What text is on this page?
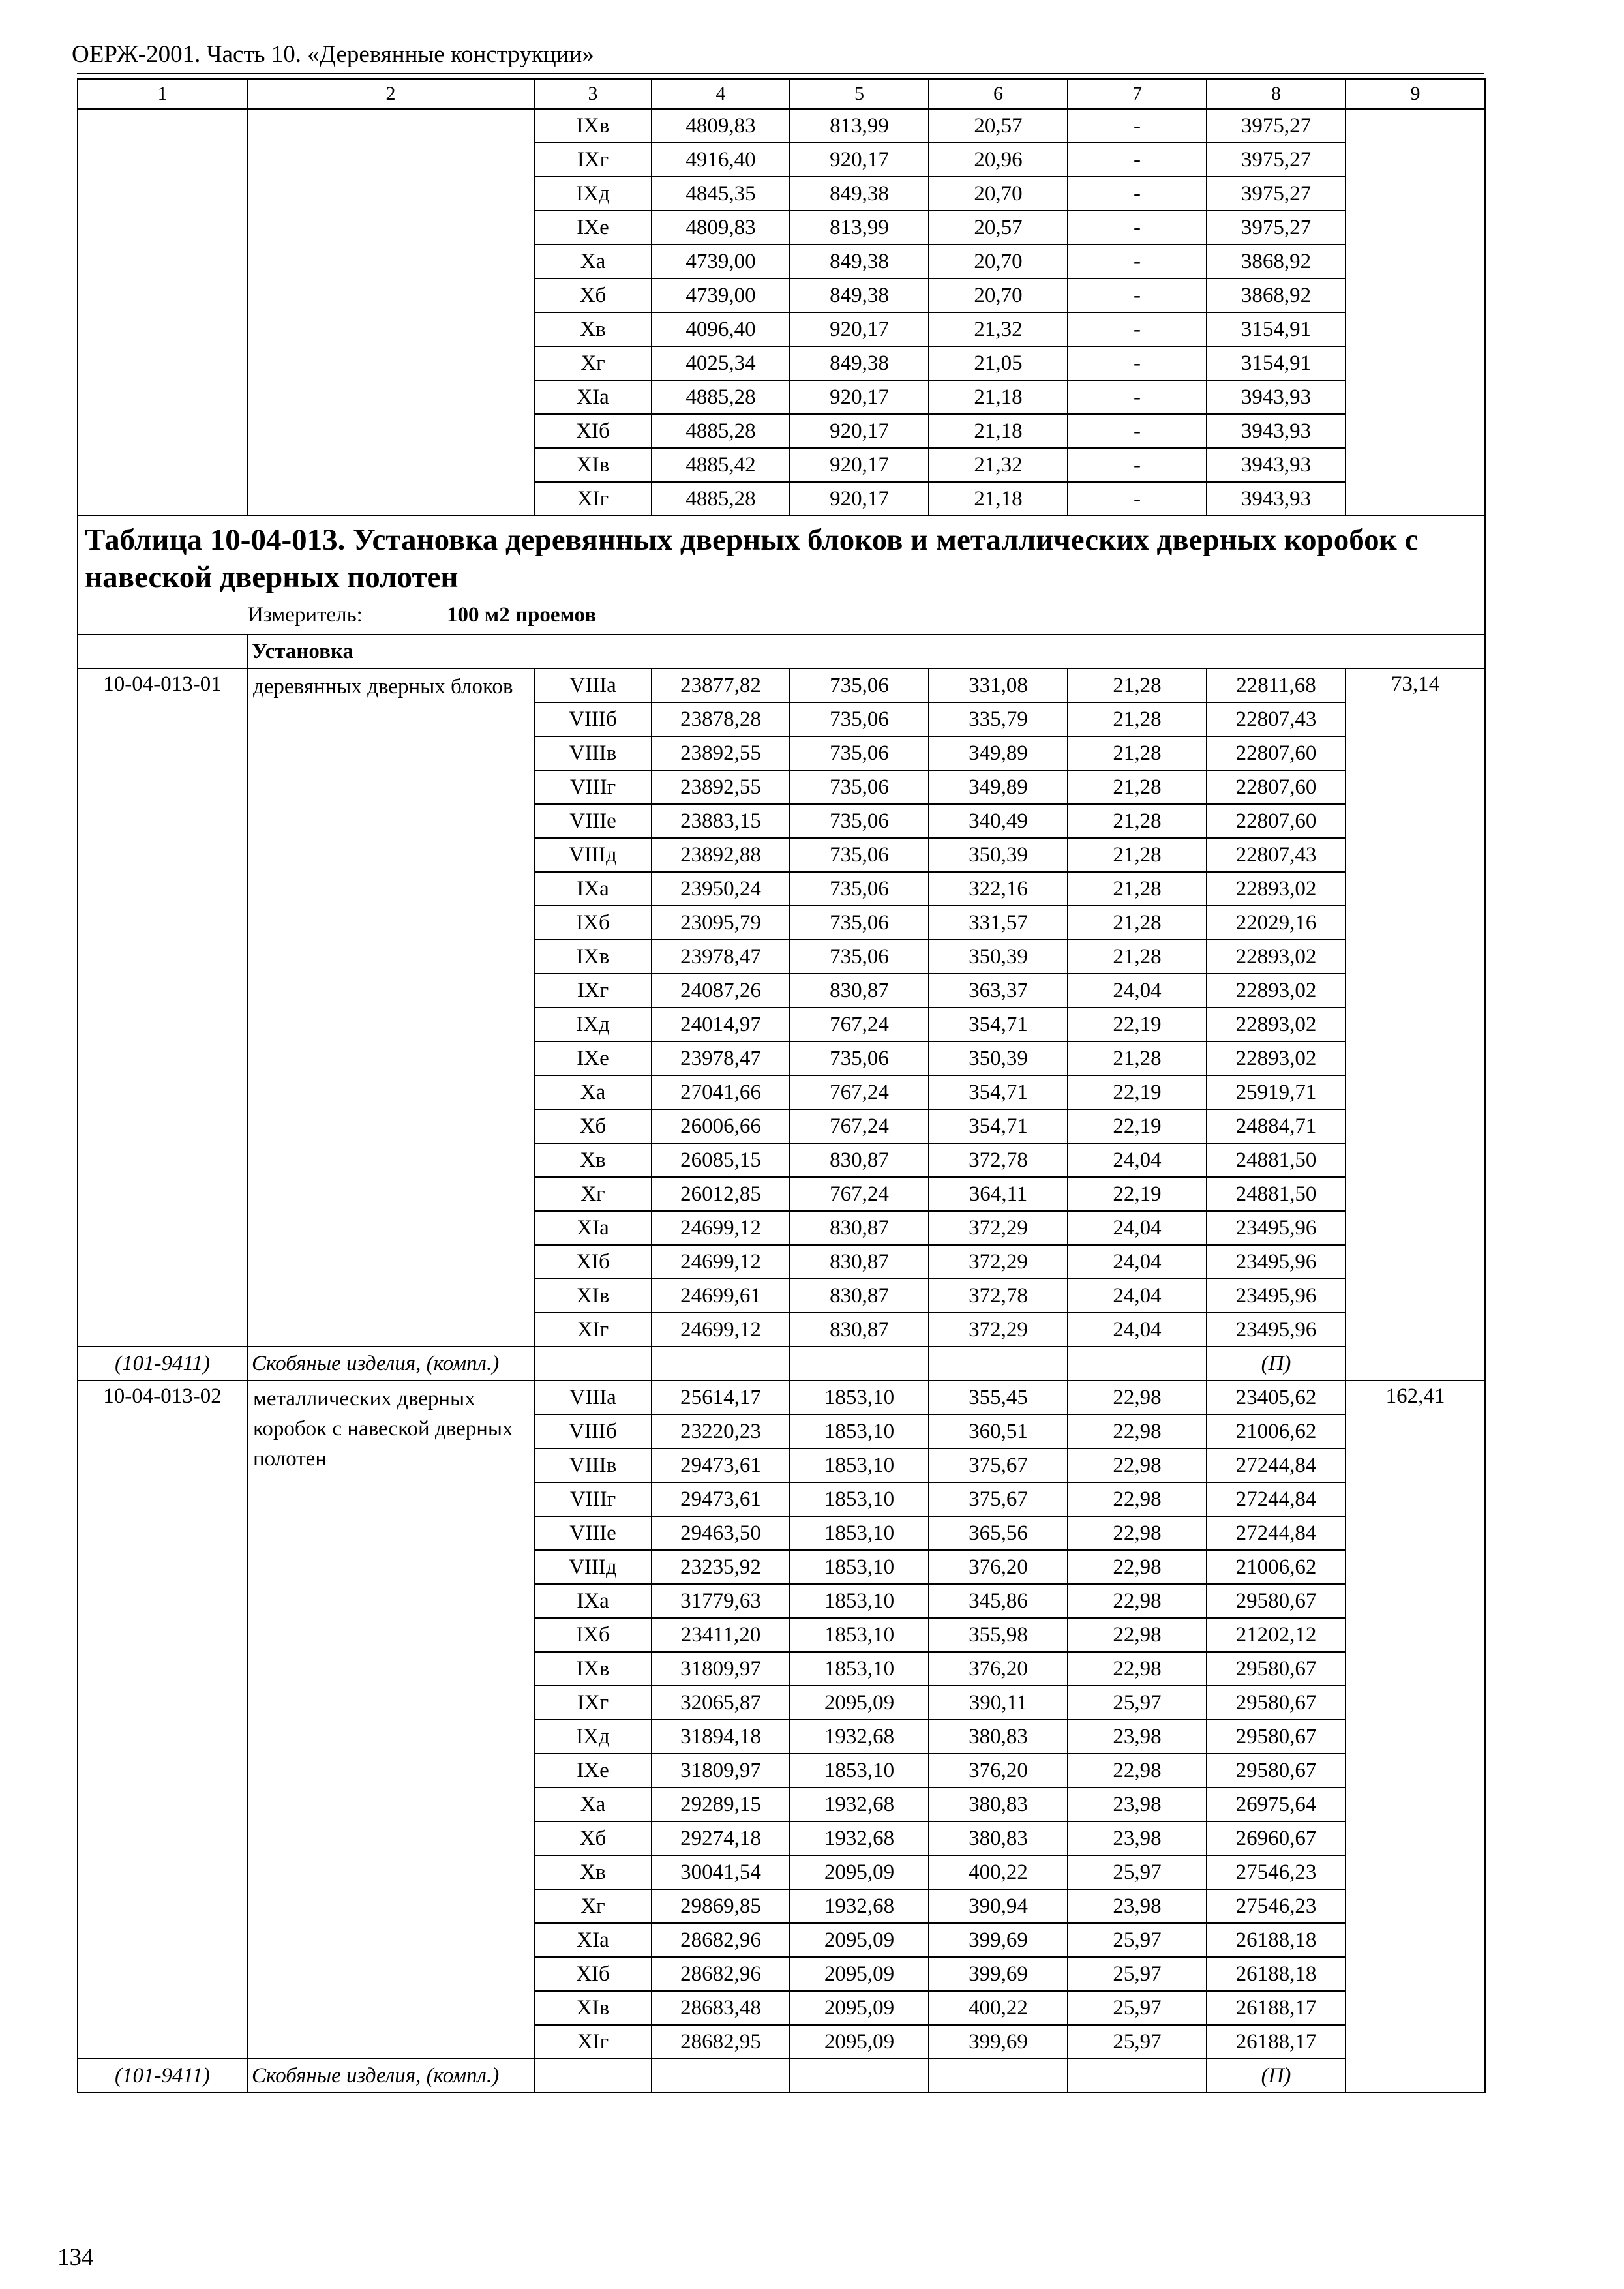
ОЕРЖ-2001. Часть 10. «Деревянные конструкции»
1	2	3	4	5	6	7	8	9
		IXв	4809,83	813,99	20,57	-	3975,27	
		IXг	4916,40	920,17	20,96	-	3975,27	
		IXд	4845,35	849,38	20,70	-	3975,27	
		IXе	4809,83	813,99	20,57	-	3975,27	
		Xа	4739,00	849,38	20,70	-	3868,92	
		Xб	4739,00	849,38	20,70	-	3868,92	
		Xв	4096,40	920,17	21,32	-	3154,91	
		Xг	4025,34	849,38	21,05	-	3154,91	
		XIа	4885,28	920,17	21,18	-	3943,93	
		XIб	4885,28	920,17	21,18	-	3943,93	
		XIв	4885,42	920,17	21,32	-	3943,93	
		XIг	4885,28	920,17	21,18	-	3943,93	

Таблица 10-04-013. Установка деревянных дверных блоков и металлических дверных коробок с навеской дверных полотен
Измеритель: 100 м2 проемов								

	Установка							

10-04-013-01	деревянных дверных блоков	VIIIа	23877,82	735,06	331,08	21,28	22811,68	73,14

		VIIIб	23878,28	735,06	335,79	21,28	22807,43	
		VIIIв	23892,55	735,06	349,89	21,28	22807,60	
		VIIIг	23892,55	735,06	349,89	21,28	22807,60	
		VIIIе	23883,15	735,06	340,49	21,28	22807,60	
		VIIIд	23892,88	735,06	350,39	21,28	22807,43	
		IXа	23950,24	735,06	322,16	21,28	22893,02	
		IXб	23095,79	735,06	331,57	21,28	22029,16	
		IXв	23978,47	735,06	350,39	21,28	22893,02	
		IXг	24087,26	830,87	363,37	24,04	22893,02	
		IXд	24014,97	767,24	354,71	22,19	22893,02	
		IXе	23978,47	735,06	350,39	21,28	22893,02	
		Xа	27041,66	767,24	354,71	22,19	25919,71	
		Xб	26006,66	767,24	354,71	22,19	24884,71	
		Xв	26085,15	830,87	372,78	24,04	24881,50	
		Xг	26012,85	767,24	364,11	22,19	24881,50	
		XIа	24699,12	830,87	372,29	24,04	23495,96	
		XIб	24699,12	830,87	372,29	24,04	23495,96	
		XIв	24699,61	830,87	372,78	24,04	23495,96	
		XIг	24699,12	830,87	372,29	24,04	23495,96	
(101-9411)	Скобяные изделия, (компл.)						(П)	

10-04-013-02	металлических дверных коробок с навеской дверных полотен	VIIIа	25614,17	1853,10	355,45	22,98	23405,62	162,41

		VIIIб	23220,23	1853,10	360,51	22,98	21006,62	
		VIIIв	29473,61	1853,10	375,67	22,98	27244,84	
		VIIIг	29473,61	1853,10	375,67	22,98	27244,84	
		VIIIе	29463,50	1853,10	365,56	22,98	27244,84	
		VIIIд	23235,92	1853,10	376,20	22,98	21006,62	
		IXа	31779,63	1853,10	345,86	22,98	29580,67	
		IXб	23411,20	1853,10	355,98	22,98	21202,12	
		IXв	31809,97	1853,10	376,20	22,98	29580,67	
		IXг	32065,87	2095,09	390,11	25,97	29580,67	
		IXд	31894,18	1932,68	380,83	23,98	29580,67	
		IXе	31809,97	1853,10	376,20	22,98	29580,67	
		Xа	29289,15	1932,68	380,83	23,98	26975,64	
		Xб	29274,18	1932,68	380,83	23,98	26960,67	
		Xв	30041,54	2095,09	400,22	25,97	27546,23	
		Xг	29869,85	1932,68	390,94	23,98	27546,23	
		XIа	28682,96	2095,09	399,69	25,97	26188,18	
		XIб	28682,96	2095,09	399,69	25,97	26188,18	
		XIв	28683,48	2095,09	400,22	25,97	26188,17	
		XIг	28682,95	2095,09	399,69	25,97	26188,17	
(101-9411)	Скобяные изделия, (компл.)						(П)	
134
